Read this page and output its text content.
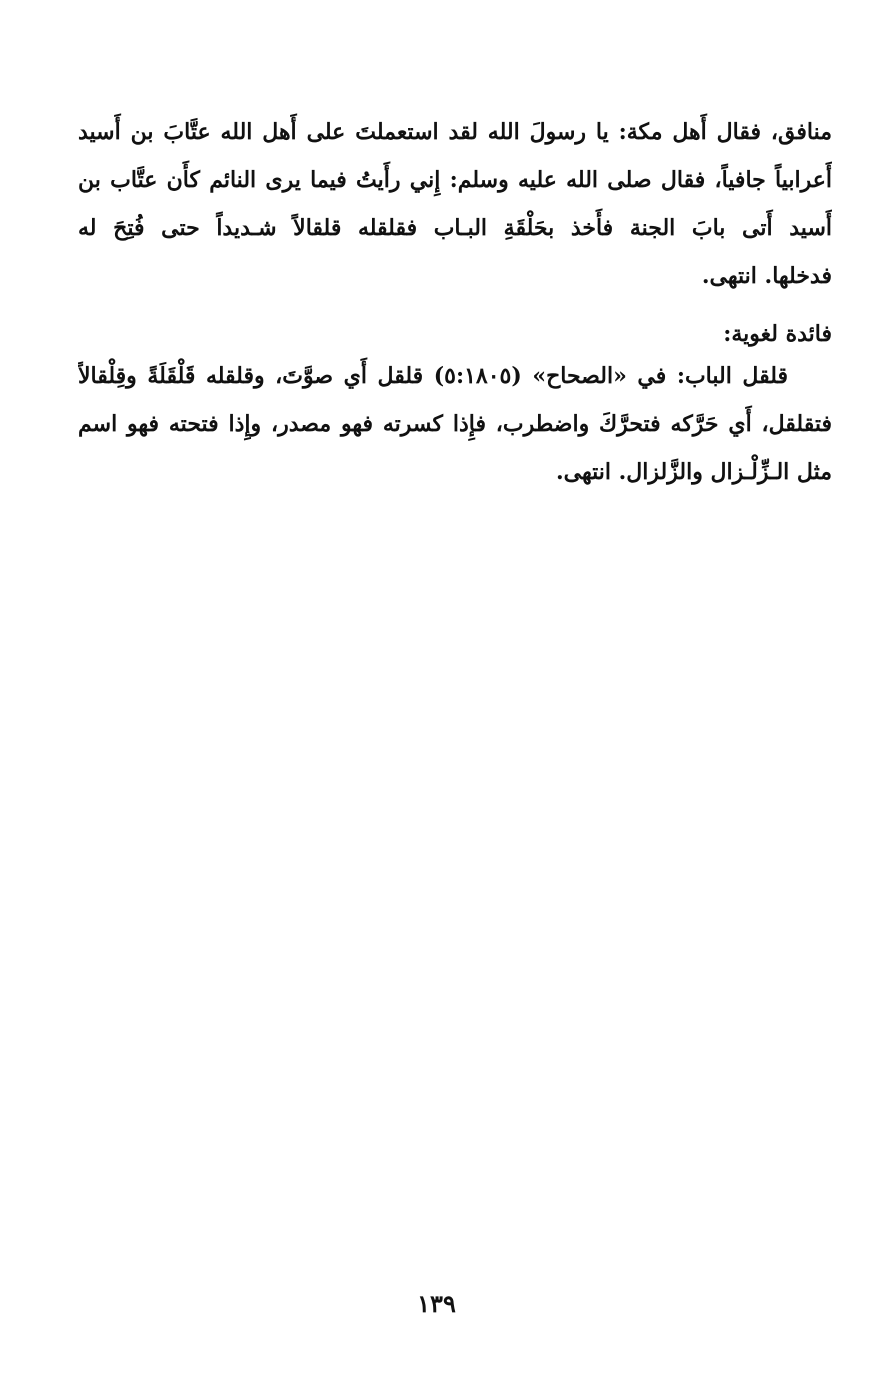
منافق، فقال أَهل مكة: يا رسولَ الله لقد استعملتَ على أَهل الله عتَّابَ بن أَسيد
أَعرابياً جافياً، فقال صلى الله عليه وسلم: إِني رأَيتُ فيما يرى النائم كأَن عتَّاب بن
أَسيد أَتى بابَ الجنة فأَخذ بحَلْقَةِ البـاب فقلقله قلقالاً شـديداً حتى فُتِحَ له
فدخلها. انتهى.
فائدة لغوية:
قلقل الباب: في «الصحاح» (٥:١٨٠٥) قلقل أَي صوَّتَ، وقلقله قَلْقَلَةً وقِلْقالاً
فتقلقل، أَي حَرَّكه فتحرَّكَ واضطرب، فإِذا كسرته فهو مصدر، وإِذا فتحته فهو اسم
مثل الـزِّلْـزال والزَّلزال. انتهى.
١٣٩
